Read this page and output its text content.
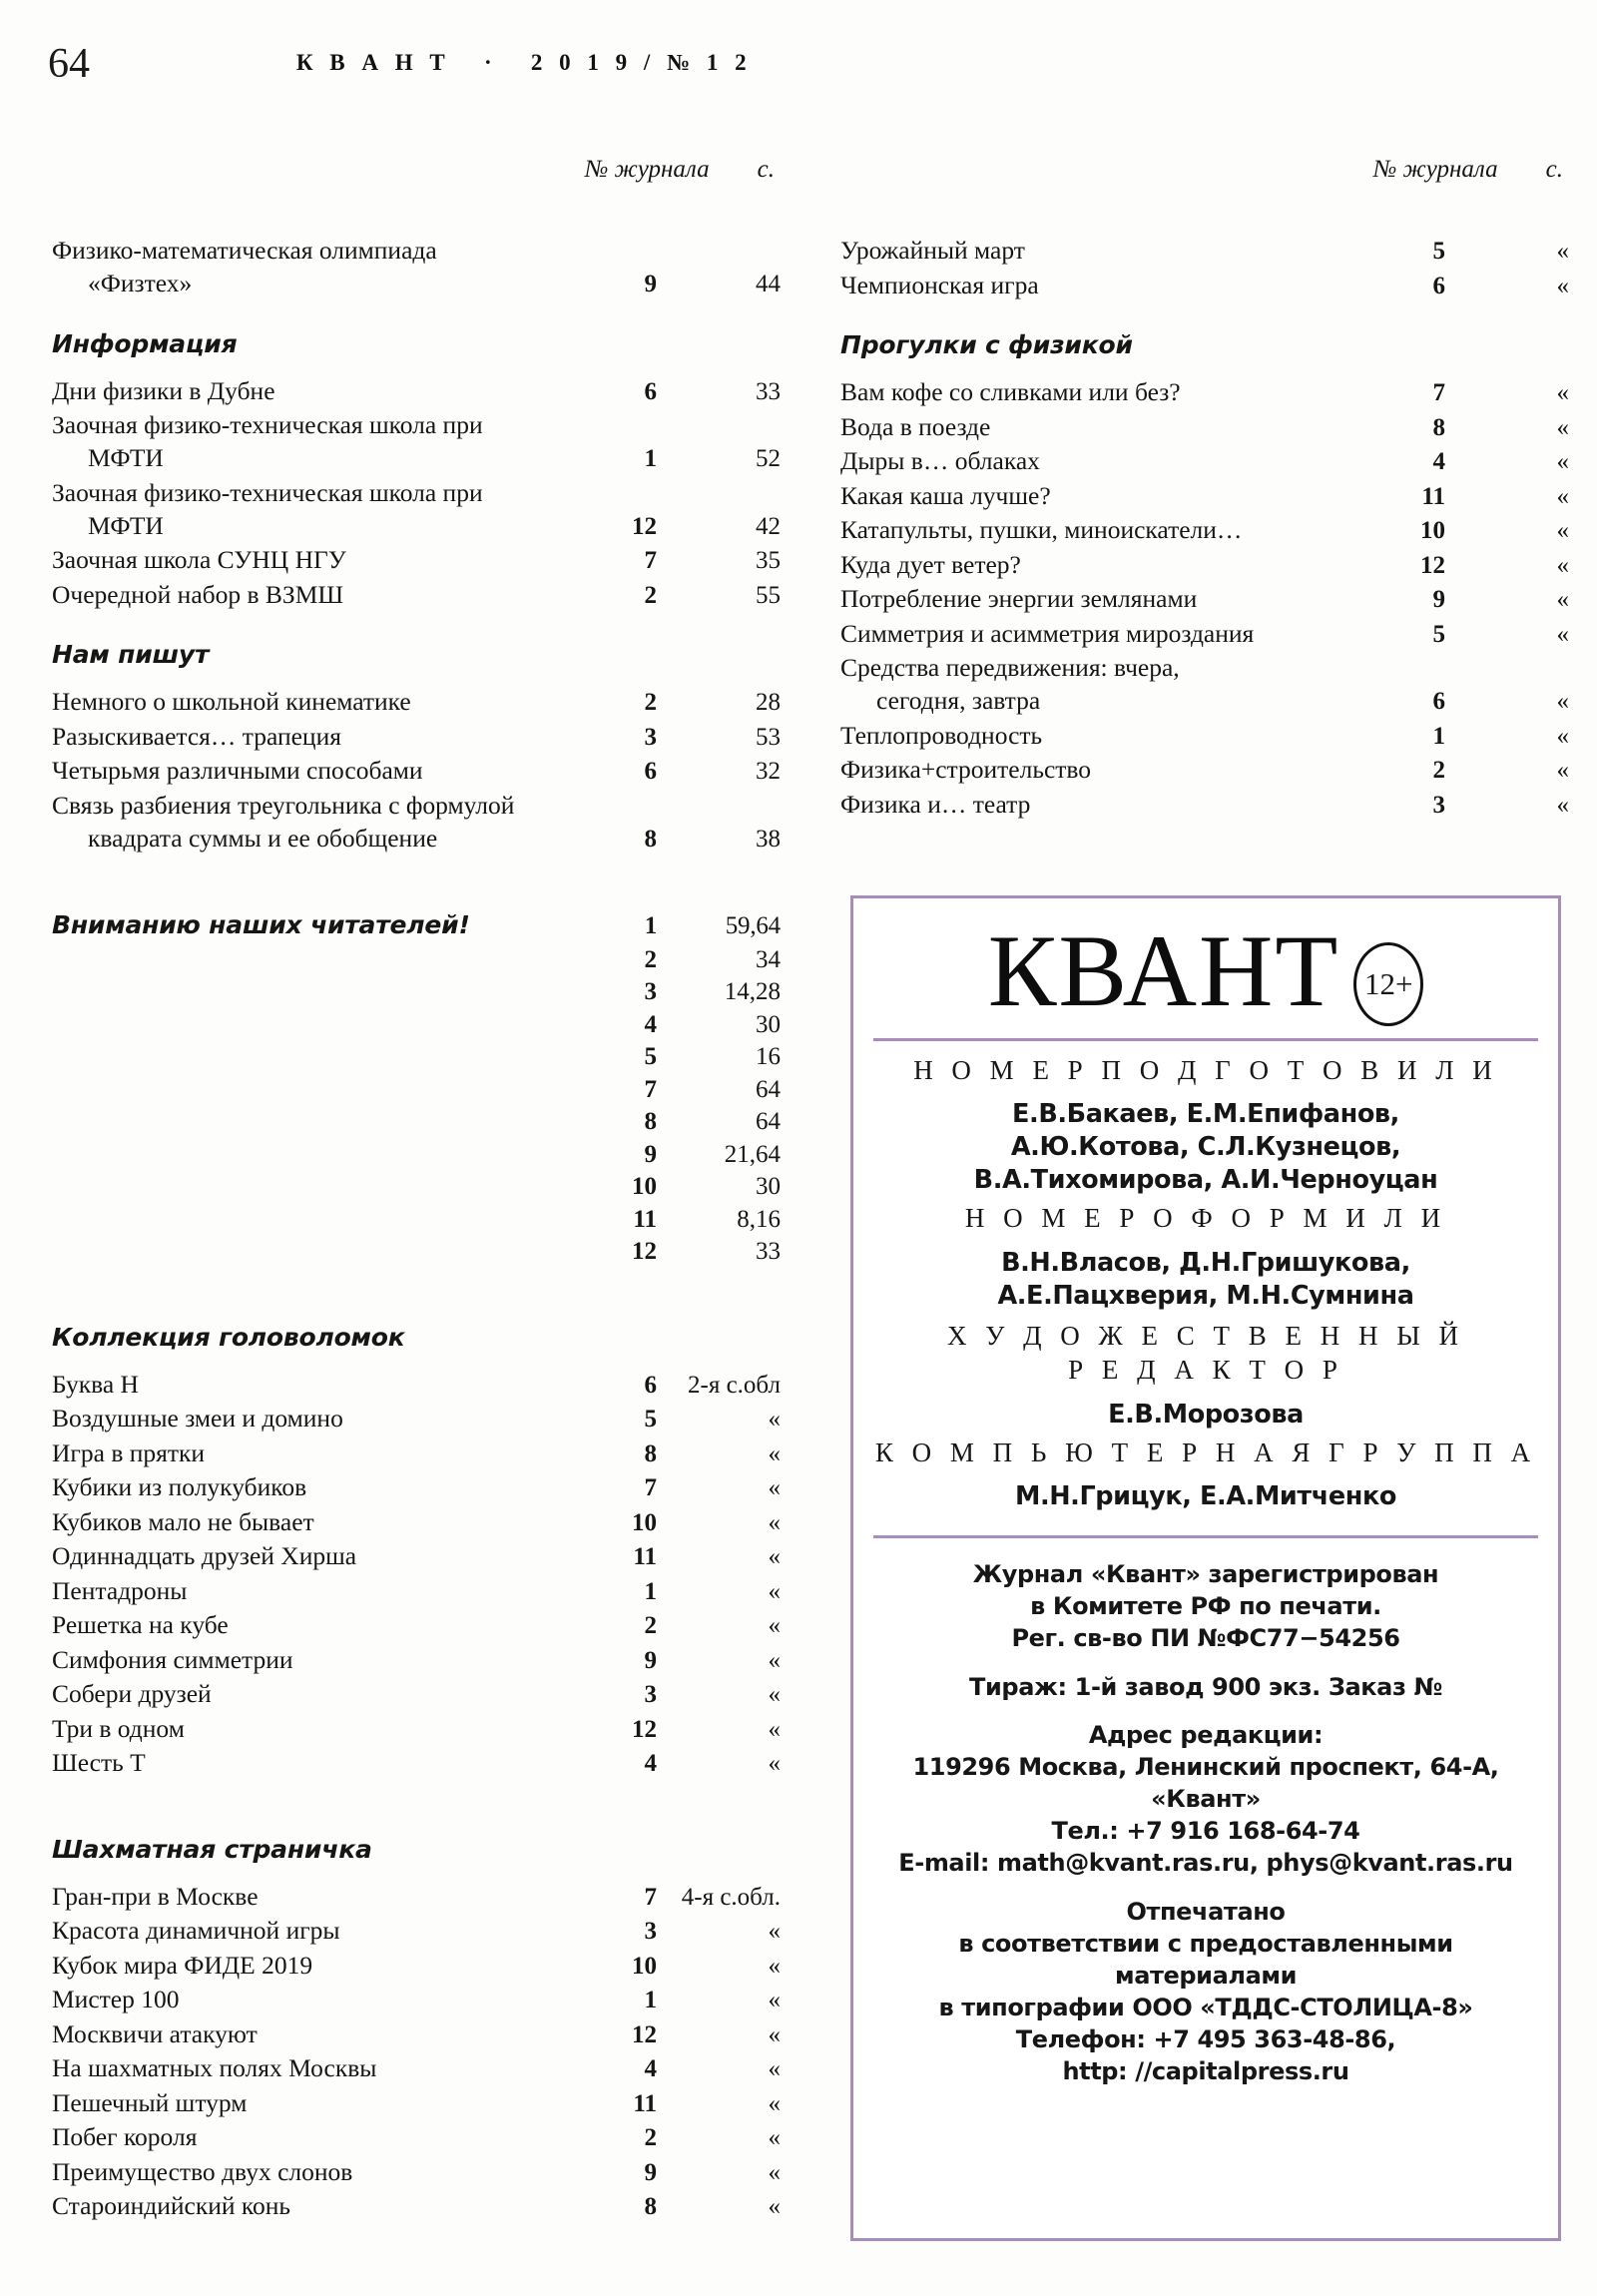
64	К В А Н Т   ·   2 0 1 9 / № 1 2

№ журнала с.

Физико-математическая олимпиада
«Физтех»	9	44
Информация
Дни физики в Дубне	6	33
Заочная физико-техническая школа при
МФТИ	1	52
Заочная физико-техническая школа при
МФТИ	12	42
Заочная школа СУНЦ НГУ	7	35
Очередной набор в ВЗМШ	2	55
Нам пишут
Немного о школьной кинематике	2	28
Разыскивается… трапеция	3	53
Четырьмя различными способами	6	32
Связь разбиения треугольника с формулой
квадрата суммы и ее обобщение	8	38
Вниманию наших читателей!	1	59,64
2	34
3	14,28
4	30
5	16
7	64
8	64
9	21,64
10	30
11	8,16
12	33
Коллекция головоломок
Буква Н	6	2-я с.обл
Воздушные змеи и домино	5	«
Игра в прятки	8	«
Кубики из полукубиков	7	«
Кубиков мало не бывает	10	«
Одиннадцать друзей Хирша	11	«
Пентадроны	1	«
Решетка на кубе	2	«
Симфония симметрии	9	«
Собери друзей	3	«
Три в одном	12	«
Шесть Т	4	«
Шахматная страничка
Гран-при в Москве	7 4-я с.обл.
Красота динамичной игры	3	«
Кубок мира ФИДЕ 2019	10	«
Мистер 100	1	«
Москвичи атакуют	12	«
На шахматных полях Москвы	4	«
Пешечный штурм	11	«
Побег короля	2	«
Преимущество двух слонов	9	«
Староиндийский конь	8	«

№ журнала с.

Урожайный март	5	«
Чемпионская игра	6	«
Прогулки с физикой
Вам кофе со сливками или без?	7	«
Вода в поезде	8	«
Дыры в… облаках	4	«
Какая каша лучше?	11	«
Катапульты, пушки, миноискатели…	10	«
Куда дует ветер?	12	«
Потребление энергии землянами	9	«
Симметрия и асимметрия мироздания	5	«
Средства передвижения: вчера,
сегодня, завтра	6	«
Теплопроводность	1	«
Физика+строительство	2	«
Физика и… театр	3	«
КВАНТ 12+
Н О М Е Р П О Д Г О Т О В И Л И
Е.В.Бакаев, Е.М.Епифанов,
А.Ю.Котова, С.Л.Кузнецов,
В.А.Тихомирова, А.И.Черноуцан
Н О М Е Р О Ф О Р М И Л И
В.Н.Власов, Д.Н.Гришукова,
А.Е.Пацхверия, М.Н.Сумнина
Х У Д О Ж Е С Т В Е Н Н Ы Й
Р Е Д А К Т О Р
Е.В.Морозова
К О М П Ь Ю Т Е Р Н А Я Г Р У П П А
М.Н.Грицук, Е.А.Митченко
Журнал «Квант» зарегистрирован
в Комитете РФ по печати.
Рег. св-во ПИ №ФС77−54256
Тираж: 1-й завод 900 экз. Заказ №
Адрес редакции:
119296 Москва, Ленинский проспект, 64-А,
«Квант»
Тел.: +7 916 168-64-74
E-mail: math@kvant.ras.ru, phys@kvant.ras.ru
Отпечатано
в соответствии с предоставленными
материалами
в типографии ООО «ТДДС-СТОЛИЦА-8»
Телефон: +7 495 363-48-86,
http: //capitalpress.ru
